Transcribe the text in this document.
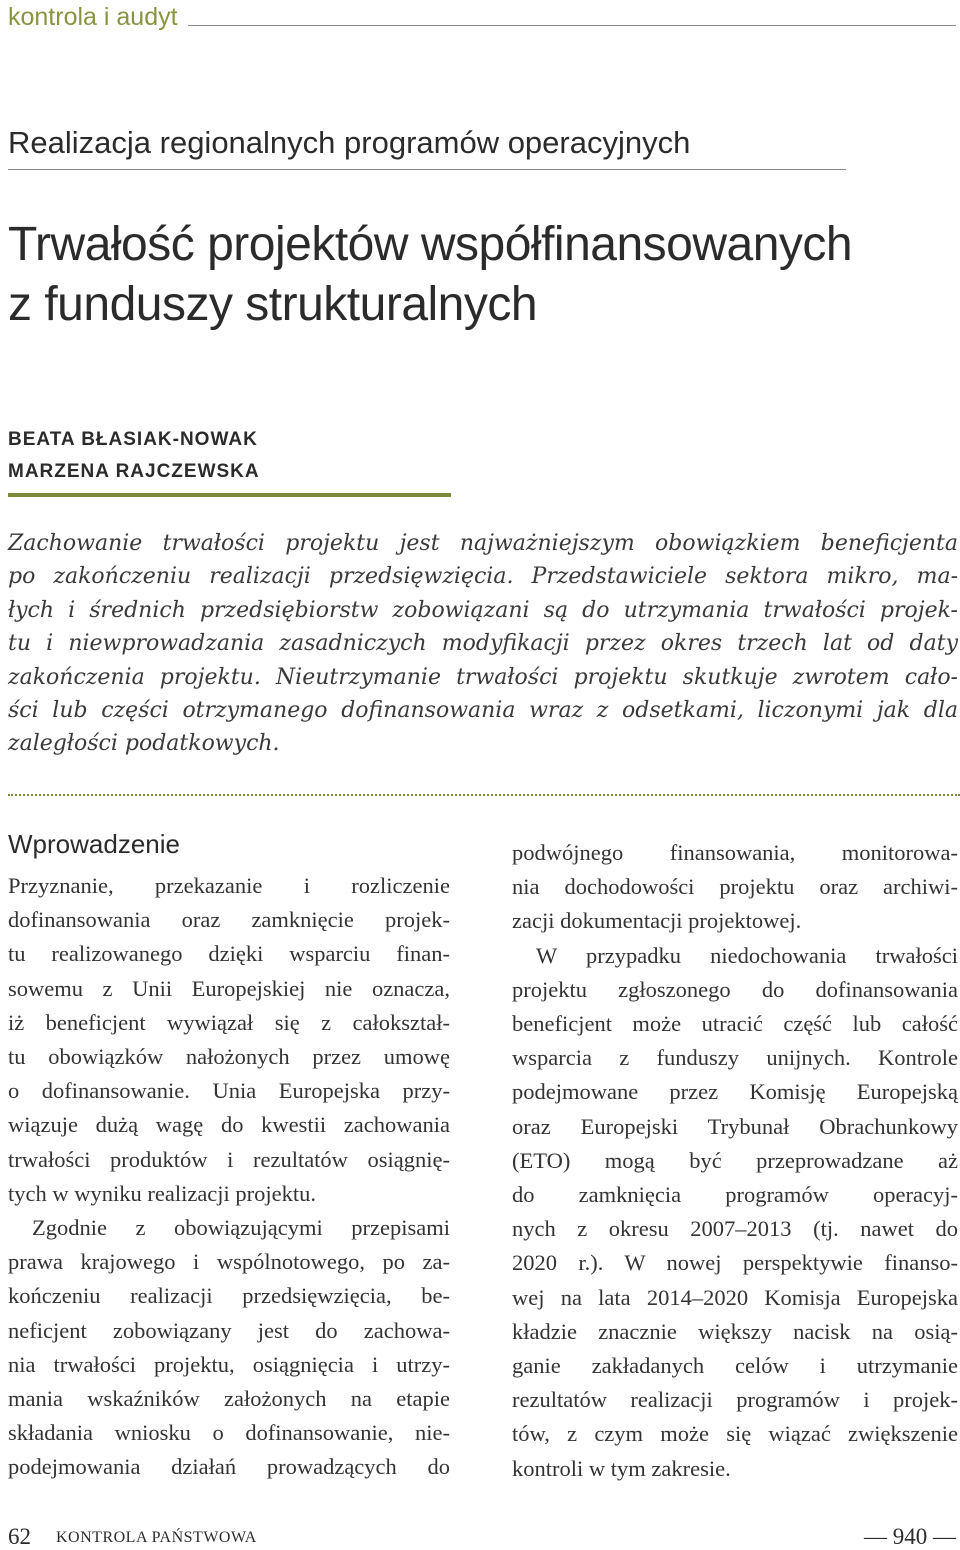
kontrola i audyt
Realizacja regionalnych programów operacyjnych
Trwałość projektów współfinansowanych
z funduszy strukturalnych
BEATA BŁASIAK-NOWAK
MARZENA RAJCZEWSKA
Zachowanie trwałości projektu jest najważniejszym obowiązkiem beneficjenta
po zakończeniu realizacji przedsięwzięcia. Przedstawiciele sektora mikro, ma-
łych i średnich przedsiębiorstw zobowiązani są do utrzymania trwałości projek-
tu i niewprowadzania zasadniczych modyfikacji przez okres trzech lat od daty
zakończenia projektu. Nieutrzymanie trwałości projektu skutkuje zwrotem cało-
ści lub części otrzymanego dofinansowania wraz z odsetkami, liczonymi jak dla
zaległości podatkowych.
Wprowadzenie
Przyznanie, przekazanie i rozliczenie
dofinansowania oraz zamknięcie projek-
tu realizowanego dzięki wsparciu finan-
sowemu z Unii Europejskiej nie oznacza,
iż beneficjent wywiązał się z całokształ-
tu obowiązków nałożonych przez umowę
o dofinansowanie. Unia Europejska przy-
wiązuje dużą wagę do kwestii zachowania
trwałości produktów i rezultatów osiągnię-
tych w wyniku realizacji projektu.
Zgodnie z obowiązującymi przepisami
prawa krajowego i wspólnotowego, po za-
kończeniu realizacji przedsięwzięcia, be-
neficjent zobowiązany jest do zachowa-
nia trwałości projektu, osiągnięcia i utrzy-
mania wskaźników założonych na etapie
składania wniosku o dofinansowanie, nie-
podejmowania działań prowadzących do
podwójnego finansowania, monitorowa-
nia dochodowości projektu oraz archiwi-
zacji dokumentacji projektowej.
W przypadku niedochowania trwałości
projektu zgłoszonego do dofinansowania
beneficjent może utracić część lub całość
wsparcia z funduszy unijnych. Kontrole
podejmowane przez Komisję Europejską
oraz Europejski Trybunał Obrachunkowy
(ETO) mogą być przeprowadzane aż
do zamknięcia programów operacyj-
nych z okresu 2007–2013 (tj. nawet do
2020 r.). W nowej perspektywie finanso-
wej na lata 2014–2020 Komisja Europejska
kładzie znacznie większy nacisk na osią-
ganie zakładanych celów i utrzymanie
rezultatów realizacji programów i projek-
tów, z czym może się wiązać zwiększenie
kontroli w tym zakresie.
62 KONTROLA PAŃSTWOWA	— 940 —
